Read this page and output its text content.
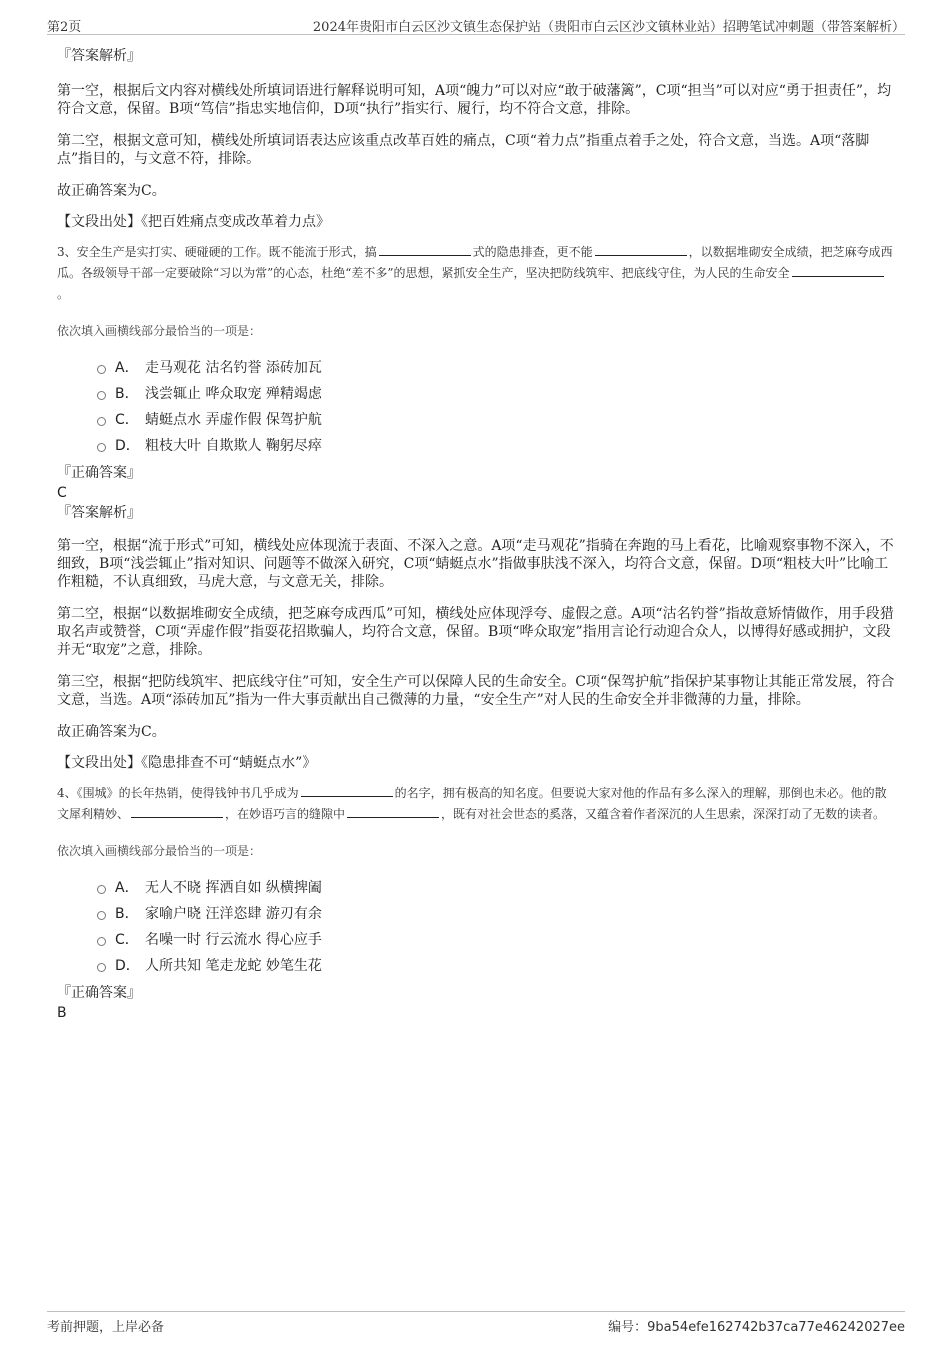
第2页	2024年贵阳市白云区沙文镇生态保护站（贵阳市白云区沙文镇林业站）招聘笔试冲刺题（带答案解析）
『答案解析』

第一空，根据后文内容对横线处所填词语进行解释说明可知，A项“魄力”可以对应“敢于破藩篱”，C项“担当”可以对应“勇于担责任”，均符合文意，保留。B项“笃信”指忠实地信仰，D项“执行”指实行、履行，均不符合文意，排除。

第二空，根据文意可知，横线处所填词语表达应该重点改革百姓的痛点，C项“着力点”指重点着手之处，符合文意，当选。A项“落脚点”指目的，与文意不符，排除。

故正确答案为C。

【文段出处】《把百姓痛点变成改革着力点》
3、安全生产是实打实、硬碰硬的工作。既不能流于形式，搞	式的隐患排查，更不能	，以数据堆砌安全成绩，把芝麻夸成西瓜。各级领导干部一定要破除“习以为常”的心态，杜绝“差不多”的思想，紧抓安全生产，坚决把防线筑牢、把底线守住，为人民的生命安全。
依次填入画横线部分最恰当的一项是：
A． 走马观花 沽名钓誉 添砖加瓦
B． 浅尝辄止 哗众取宠 殚精竭虑
C． 蜻蜓点水 弄虚作假 保驾护航
D． 粗枝大叶 自欺欺人 鞠躬尽瘁
『正确答案』
C
『答案解析』

第一空，根据“流于形式”可知，横线处应体现流于表面、不深入之意。A项“走马观花”指骑在奔跑的马上看花，比喻观察事物不深入，不细致，B项“浅尝辄止”指对知识、问题等不做深入研究，C项“蜻蜓点水”指做事肤浅不深入，均符合文意，保留。D项“粗枝大叶”比喻工作粗糙，不认真细致，马虎大意，与文意无关，排除。

第二空，根据“以数据堆砌安全成绩，把芝麻夸成西瓜”可知，横线处应体现浮夸、虚假之意。A项“沽名钓誉”指故意矫情做作，用手段猎取名声或赞誉，C项“弄虚作假”指耍花招欺骗人，均符合文意，保留。B项“哗众取宠”指用言论行动迎合众人，以博得好感或拥护，文段并无“取宠”之意，排除。

第三空，根据“把防线筑牢、把底线守住”可知，安全生产可以保障人民的生命安全。C项“保驾护航”指保护某事物让其能正常发展，符合文意，当选。A项“添砖加瓦”指为一件大事贡献出自己微薄的力量，“安全生产”对人民的生命安全并非微薄的力量，排除。

故正确答案为C。

【文段出处】《隐患排查不可“蜻蜓点水”》
4、《围城》的长年热销，使得钱钟书几乎成为	的名字，拥有极高的知名度。但要说大家对他的作品有多么深入的理解，那倒也未必。他的散文犀利精妙、	，在妙语巧言的缝隙中	，既有对社会世态的奚落，又蕴含着作者深沉的人生思索，深深打动了无数的读者。
依次填入画横线部分最恰当的一项是：
A． 无人不晓 挥洒自如 纵横捭阖
B． 家喻户晓 汪洋恣肆 游刃有余
C． 名噪一时 行云流水 得心应手
D． 人所共知 笔走龙蛇 妙笔生花
『正确答案』
B
考前押题，上岸必备	编号：9ba54efe162742b37ca77e46242027ee
